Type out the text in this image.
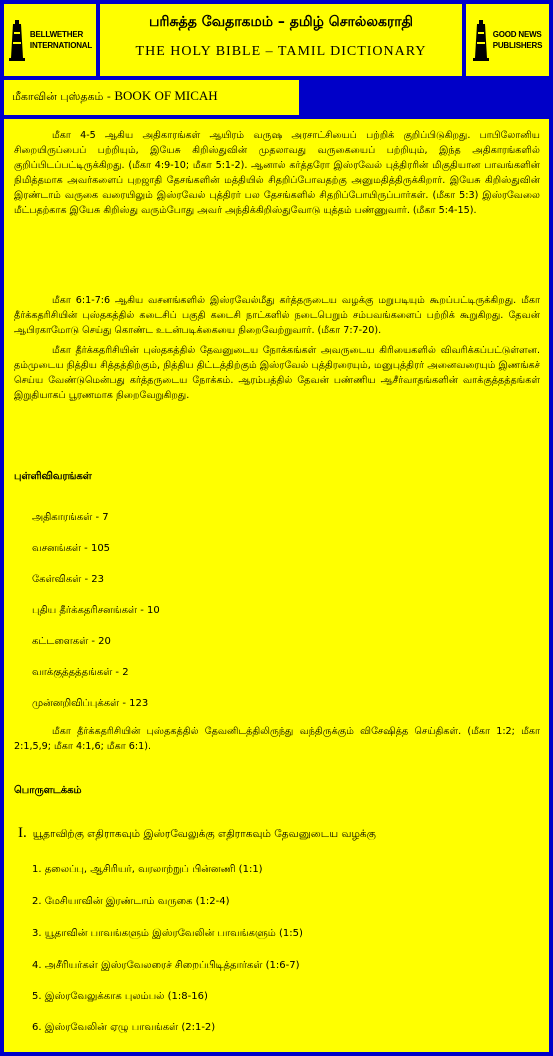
BELLWETHER
INTERNATIONAL
பரிசுத்த வேதாகமம் – தமிழ் சொல்லகராதி
THE HOLY BIBLE – TAMIL DICTIONARY
GOOD NEWS
PUBLISHERS
மீகாவின் புஸ்தகம் - BOOK OF MICAH

மீகா 4-5 ஆகிய அதிகாரங்கள் ஆயிரம் வருஷ அரசாட்சியைப் பற்றிக் குறிப்பிடுகிறது. பாபிலோனிய சிறையிருப்பைப் பற்றியும், இயேசு கிறிஸ்துவின் முதலாவது வருகையைப் பற்றியும், இந்த அதிகாரங்களில் குறிப்பிடப்பட்டிருக்கிறது. (மீகா 4:9-10; மீகா 5:1-2). ஆனால் கர்த்தரோ இஸ்ரவேல் புத்திரரின் மிகுதியான பாவங்களின் நிமித்தமாக அவர்களைப் புறஜாதி தேசங்களின் மத்தியில் சிதறிப்போவதற்கு அனுமதித்திருக்கிறார். இயேசு கிறிஸ்துவின் இரண்டாம் வருகை வரையிலும் இஸ்ரவேல் புத்திரர் பல தேசங்களில் சிதறிப்போயிருப்பார்கள். (மீகா 5:3) இஸ்ரவேலை மீட்பதற்காக இயேசு கிறிஸ்து வரும்போது அவர் அந்திக்கிறிஸ்துவோடு யுத்தம் பண்ணுவார். (மீகா 5:4-15).

மீகா 6:1-7:6 ஆகிய வசனங்களில் இஸ்ரவேல்மீது கர்த்தருடைய வழக்கு மறுபடியும் கூறப்பட்டிருக்கிறது. மீகா தீர்க்கதரிசியின் புஸ்தகத்தில் கடைசிப் பகுதி கடைசி நாட்களில் நடைபெறும் சம்பவங்களைப் பற்றிக் கூறுகிறது. தேவன் ஆபிரகாமோடு செய்து கொண்ட உடன்படிக்கையை நிறைவேற்றுவார். (மீகா 7:7-20).

மீகா தீர்க்கதரிசியின் புஸ்தகத்தில் தேவனுடைய நோக்கங்கள் அவருடைய கிரியைகளில் விவரிக்கப்பட்டுள்ளன. தம்முடைய நித்திய சித்தத்திற்கும், நித்திய திட்டத்திற்கும் இஸ்ரவேல் புத்திரரையும், மனுபுத்திரர் அனைவரையும் இணங்கச் செய்ய வேண்டுமென்பது கர்த்தருடைய நோக்கம். ஆரம்பத்தில் தேவன் பண்ணிய ஆசீர்வாதங்களின் வாக்குத்தத்தங்கள் இறுதியாகப் பூரணமாக நிறைவேறுகிறது.

புள்ளிவிவரங்கள்
அதிகாரங்கள் - 7
வசனங்கள் - 105
கேள்விகள் - 23
புதிய தீர்க்கதரிசனங்கள் - 10
கட்டளைகள் - 20
வாக்குத்தத்தங்கள் - 2
முன்னறிவிப்புக்கள் - 123

மீகா தீர்க்கதரிசியின் புஸ்தகத்தில் தேவனிடத்திலிருந்து வந்திருக்கும் விசேஷித்த செய்திகள். (மீகா 1:2; மீகா 2:1,5,9; மீகா 4:1,6; மீகா 6:1).

பொருளடக்கம்
I. யூதாவிற்கு எதிராகவும் இஸ்ரவேலுக்கு எதிராகவும் தேவனுடைய வழக்கு
1. தலைப்பு, ஆசிரியர், வரலாற்றுப் பின்னணி (1:1)
2. மேசியாவின் இரண்டாம் வருகை (1:2-4)
3. யூதாவின் பாவங்களும் இஸ்ரவேலின் பாவங்களும் (1:5)
4. அசீரியர்கள் இஸ்ரவேலரைச் சிறைப்பிடித்தார்கள் (1:6-7)
5. இஸ்ரவேலுக்காக புலம்பல் (1:8-16)
6. இஸ்ரவேலின் ஏழு பாவங்கள் (2:1-2)
